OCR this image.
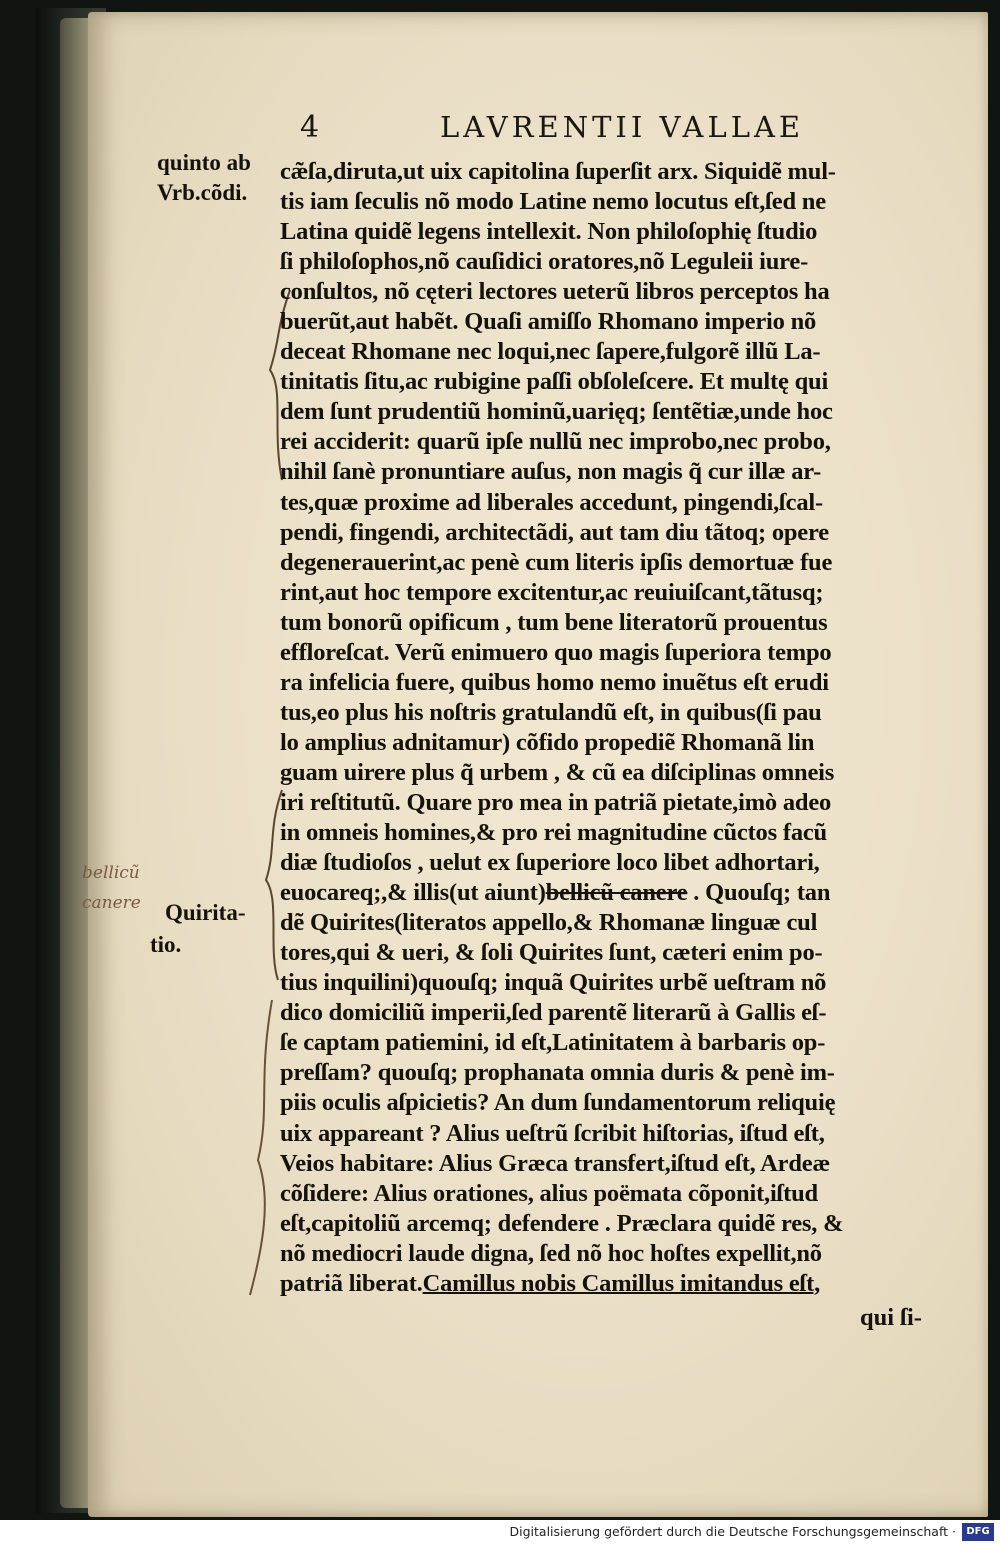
4	LAVRENTII VALLAE
quinto ab
Vrb.cõdi.
Quirita-
tio.
bellicũ canere
cæ̃ſa,diruta,ut uix capitolina ſuperſit arx. Siquidẽ mul-
tis iam ſeculis nõ modo Latine nemo locutus eſt,ſed ne
Latina quidẽ legens intellexit. Non philoſophię ſtudio
ſi philoſophos,nõ cauſidici oratores,nõ Leguleii iure-
conſultos, nõ cęteri lectores ueterũ libros perceptos ha
buerũt,aut habẽt. Quaſi amiſſo Rhomano imperio nõ
deceat Rhomane nec loqui,nec ſapere,fulgorẽ illũ La-
tinitatis ſitu,ac rubigine paſſi obſoleſcere. Et multę qui
dem ſunt prudentiũ hominũ,uarięq; ſentẽtiæ,unde hoc
rei acciderit: quarũ ipſe nullũ nec improbo,nec probo,
nihil ſanè pronuntiare auſus, non magis q̃ cur illæ ar-
tes,quæ proxime ad liberales accedunt, pingendi,ſcal-
pendi, fingendi, architectãdi, aut tam diu tãtoq; opere
degenerauerint,ac penè cum literis ipſis demortuæ fue
rint,aut hoc tempore excitentur,ac reuiuiſcant,tãtusq;
tum bonorũ opificum , tum bene literatorũ prouentus
effloreſcat. Verũ enimuero quo magis ſuperiora tempo
ra infelicia fuere, quibus homo nemo inuẽtus eſt erudi
tus,eo plus his noſtris gratulandũ eſt, in quibus(ſi pau
lo amplius adnitamur) cõfido propediẽ Rhomanã lin
guam uirere plus q̃ urbem , & cũ ea diſciplinas omneis
iri reſtitutũ. Quare pro mea in patriã pietate,imò adeo
in omneis homines,& pro rei magnitudine cũctos facũ
diæ ſtudioſos , uelut ex ſuperiore loco libet adhortari,
euocareq;,& illis(ut aiunt)bellicũ canere . Quouſq; tan
dẽ Quirites(literatos appello,& Rhomanæ linguæ cul
tores,qui & ueri, & ſoli Quirites ſunt, cæteri enim po-
tius inquilini)quouſq; inquã Quirites urbẽ ueſtram nõ
dico domiciliũ imperii,ſed parentẽ literarũ à Gallis eſ-
ſe captam patiemini, id eſt,Latinitatem à barbaris op-
preſſam? quouſq; prophanata omnia duris & penè im-
piis oculis aſpicietis? An dum ſundamentorum reliquię
uix appareant ? Alius ueſtrũ ſcribit hiſtorias, iſtud eſt,
Veios habitare: Alius Græca transfert,iſtud eſt, Ardeæ
cõſidere: Alius orationes, alius poëmata cõponit,iſtud
eſt,capitoliũ arcemq; defendere . Præclara quidẽ res, &
nõ mediocri laude digna, ſed nõ hoc hoſtes expellit,nõ
patriã liberat.Camillus nobis Camillus imitandus eſt,
qui ſi-
Digitalisierung gefördert durch die Deutsche Forschungsgemeinschaft ·	DFG
